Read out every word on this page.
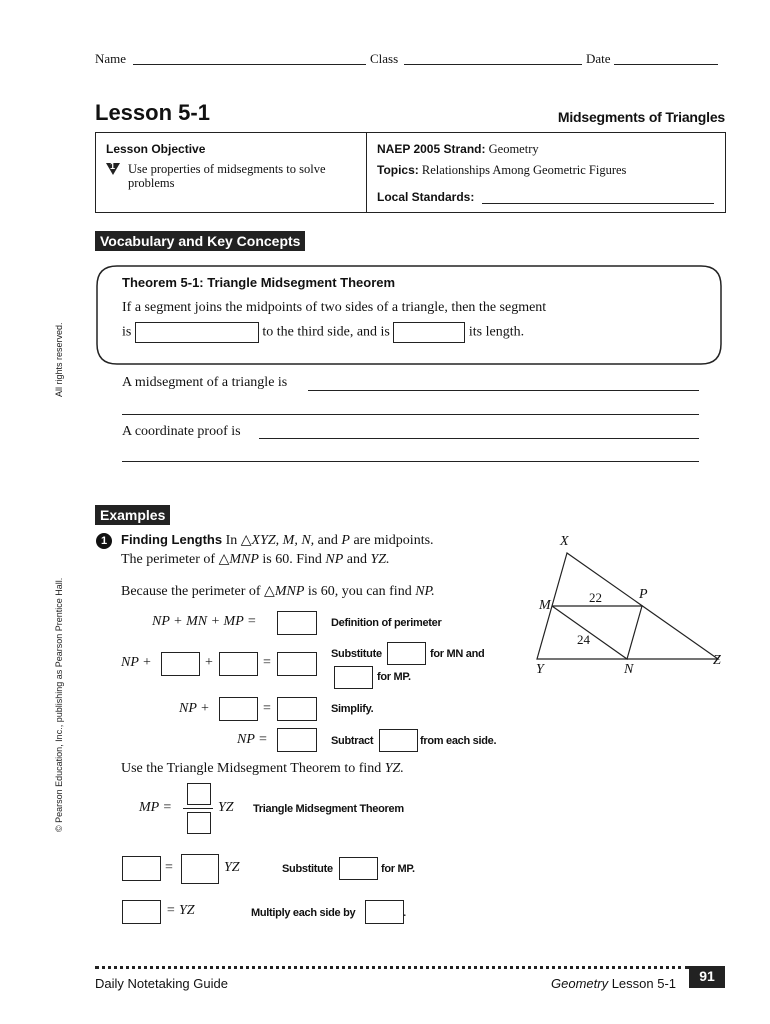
Name	Class	Date
Lesson 5-1	Midsegments of Triangles
Lesson Objective
1 Use properties of midsegments to solve problems
NAEP 2005 Strand: Geometry
Topics: Relationships Among Geometric Figures
Local Standards:
Vocabulary and Key Concepts
Theorem 5-1: Triangle Midsegment Theorem
If a segment joins the midpoints of two sides of a triangle, then the segment
is	to the third side, and is	its length.
A midsegment of a triangle is
A coordinate proof is
All rights reserved.
© Pearson Education, Inc., publishing as Pearson Prentice Hall.
Examples
1	Finding Lengths In △XYZ, M, N, and P are midpoints.
The perimeter of △MNP is 60. Find NP and YZ.
Because the perimeter of △MNP is 60, you can find NP.
NP + MN + MP =	Definition of perimeter
NP +	+	=
Substitute	for MN and
for MP.
NP +	=	Simplify.
NP =	Subtract	from each side.
Use the Triangle Midsegment Theorem to find YZ.
MP =	YZ Triangle Midsegment Theorem
=	YZ	Substitute	for MP.
= YZ	Multiply each side by	.
X
M
P
Y	N
Z
22
24
Daily Notetaking Guide	Geometry Lesson 5-1	91
